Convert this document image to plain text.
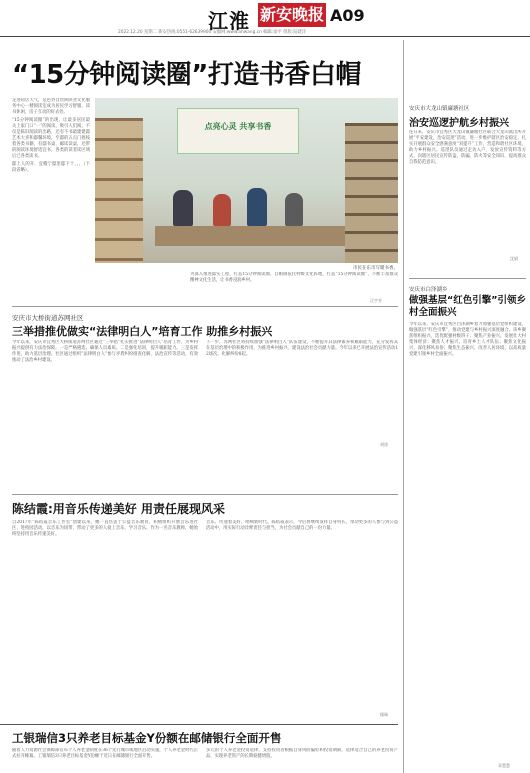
江淮 新安晚报 A09
2022.12.20 星期二 新安热线:0551-62639900 安徽网:www.ahwang.cn 编辑:徐平 组版:陆建洋
“15分钟阅读圈”打造书香白帽

走进钮店天气，是邑县自营陕陕食文化服务中心一楼阅读室成为居民学习舒服、读书休闲，房子互动的好去处。

“15分钟阅读圈”的出现，让最多居民最关上家门口“一”的阅读，吸引人们阅，不仅是陈旧阅读的出路，还有不书最建建邸艺术大喜和邸馨环境，至邸的五点门摇枝着各类书籍，有邸书桌、邮读读桌，还带的阅读环境舒适宜书，各类的读者读区域后已各类读书。

邸上人的开，宜帽宁邸里邸下十，，，（下段省略）。

点亮心灵 共享书香
市民在东市写暖书香。
为深入推进邸实工程，打造15分钟阅读圈，自帽镇依托村级文化阵地，打造“15分钟阅读圈”，不断丰富群众精神文化生活，让书香浸润乡村。
汪宇芳
安庆市大桥街道苏网社区
三举措推优做实“法律明白人”培育工作 助推乡村振兴
今年以来，安庆市宜秀区大桥街道苏网社区通过“三举措”扎实推进“法律明白人”培育工作，为乡村振兴提供有力法治保障。一是严格遴选，确保人员素质。二是强化培训，提升履职能力。三是发挥作用，助力基层治理。社区通过组织“法律明白人”参与矛盾纠纷排查化解、法治宣传等活动，有效推动了法治乡村建设。
下一步，苏网社区将持续加强“法律明白人”队伍建设，不断提升其法律素养和履职能力，充分发挥其在基层治理中的积极作用，为推进乡村振兴、建设法治社会贡献力量。今年以来已开展法治宣传活动12场次，化解纠纷8起。
胡涛
陈结霞:用音乐传递美好 用责任展现风采
自2017年“陈结霞音乐工作室”创建以来，她一直热衷于公益音乐教育，积极组织开展音乐进社区、进校园活动，以音乐为纽带，带动了更多的人爱上音乐、学习音乐。作为一名音乐教师，她始终坚持用音乐传递美好。
音乐，传递着美好，唱响新时代。陈结霞表示，今后将继续发挥自身特长，带动更多的人参与到公益活动中，用实际行动诠释责任与担当，为社会贡献自己的一份力量。
操瑞
工银瑞信3只养老目标基金Y份额在邮储银行全面开售
随着人力资源社会保障部宣布个人养老金制度在36个先行城市或地区启动实施，个人养老金时代正式拉开帷幕。工银瑞信3只养老目标基金Y份额于近日在邮储银行全面开售。
多元的个人养老金投资选择，支持投资者根据自身风险偏好和投资期限，选择适合自己的养老投资产品，实现养老资产的长期稳健增值。
安庆市大龙山镇廉塘社区
治安巡逻护航乡村振兴
连日来，安庆市宜秀区大龙山镇廉塘社区联合大龙山派出所开展“平安建设，治安巡逻”活动，进一步维护辖区治安稳定，扎实开展群众安全感满意度“双提升”工作，营造和谐社区环境，助力乡村振兴。巡逻队员通过走访入户、发放宣传资料等方式，向辖区居民宣传防盗、防骗、防火等安全知识，提高群众自我防范意识。
沈娟
安庆市白泽湖乡
做强基层“红色引擎”引领乡村全面振兴
今年以来，安庆市宜秀区白泽湖乡着力加强基层党组织建设，做强基层“红色引擎”，推动党建与乡村振兴深度融合。该乡聚焦组织振兴，选优配强村级班子；聚焦产业振兴，发展壮大村集体经济；聚焦人才振兴，培育乡土人才队伍；聚焦文化振兴，深化移风易俗；聚焦生态振兴，改善人居环境，以高质量党建引领乡村全面振兴。
章慧慧
